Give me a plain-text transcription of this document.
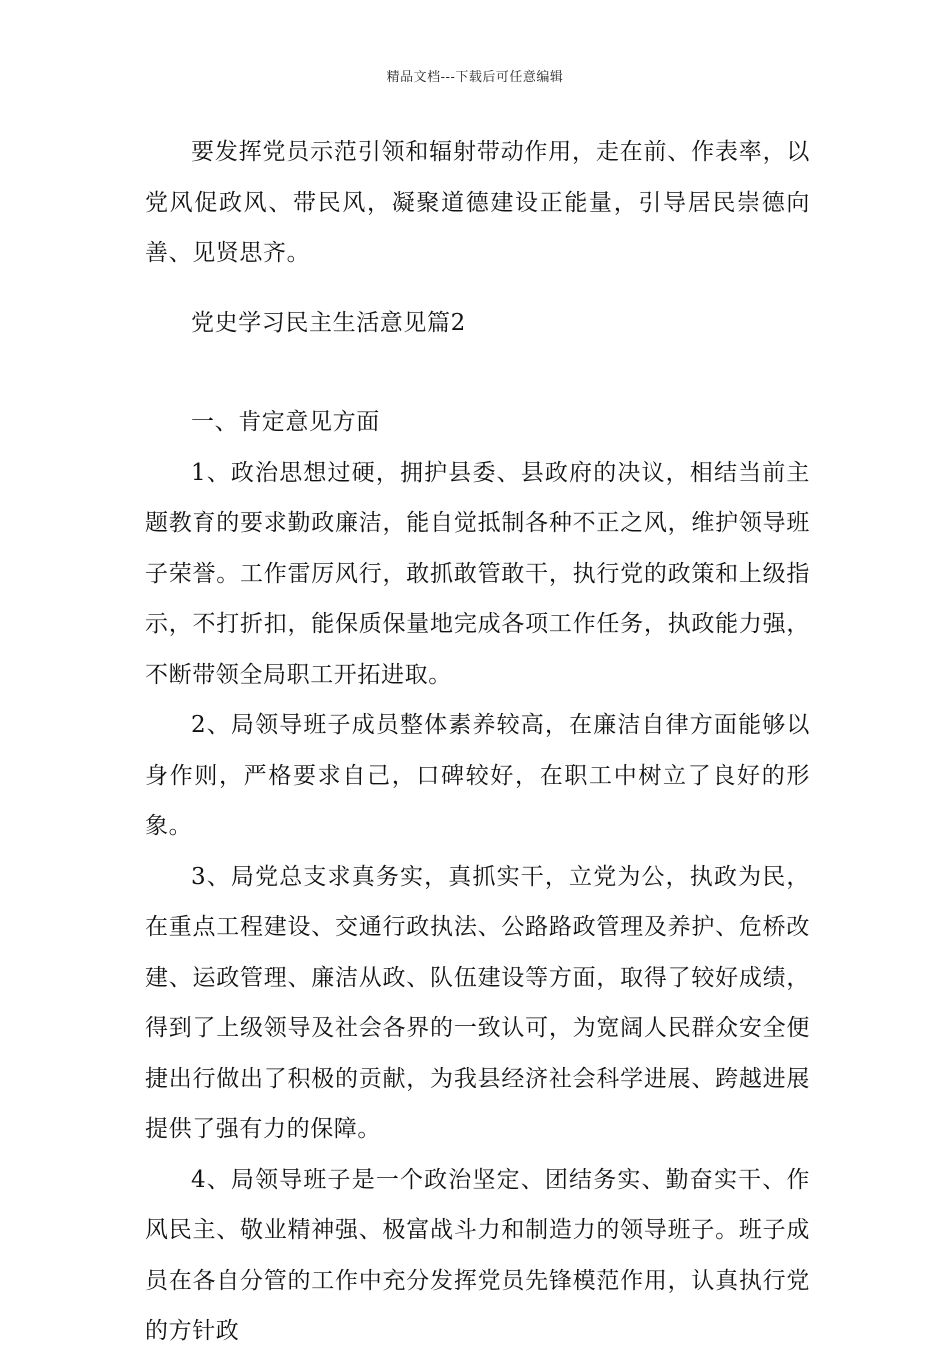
精品文档---下载后可任意编辑

要发挥党员示范引领和辐射带动作用，走在前、作表率，以党风促政风、带民风，凝聚道德建设正能量，引导居民崇德向善、见贤思齐。

党史学习民主生活意见篇2

一、肯定意见方面

1、政治思想过硬，拥护县委、县政府的决议，相结当前主题教育的要求勤政廉洁，能自觉抵制各种不正之风，维护领导班子荣誉。工作雷厉风行，敢抓敢管敢干，执行党的政策和上级指示，不打折扣，能保质保量地完成各项工作任务，执政能力强，不断带领全局职工开拓进取。

2、局领导班子成员整体素养较高，在廉洁自律方面能够以身作则，严格要求自己，口碑较好，在职工中树立了良好的形象。

3、局党总支求真务实，真抓实干，立党为公，执政为民，在重点工程建设、交通行政执法、公路路政管理及养护、危桥改建、运政管理、廉洁从政、队伍建设等方面，取得了较好成绩，得到了上级领导及社会各界的一致认可，为宽阔人民群众安全便捷出行做出了积极的贡献，为我县经济社会科学进展、跨越进展提供了强有力的保障。

4、局领导班子是一个政治坚定、团结务实、勤奋实干、作风民主、敬业精神强、极富战斗力和制造力的领导班子。班子成员在各自分管的工作中充分发挥党员先锋模范作用，认真执行党的方针政
